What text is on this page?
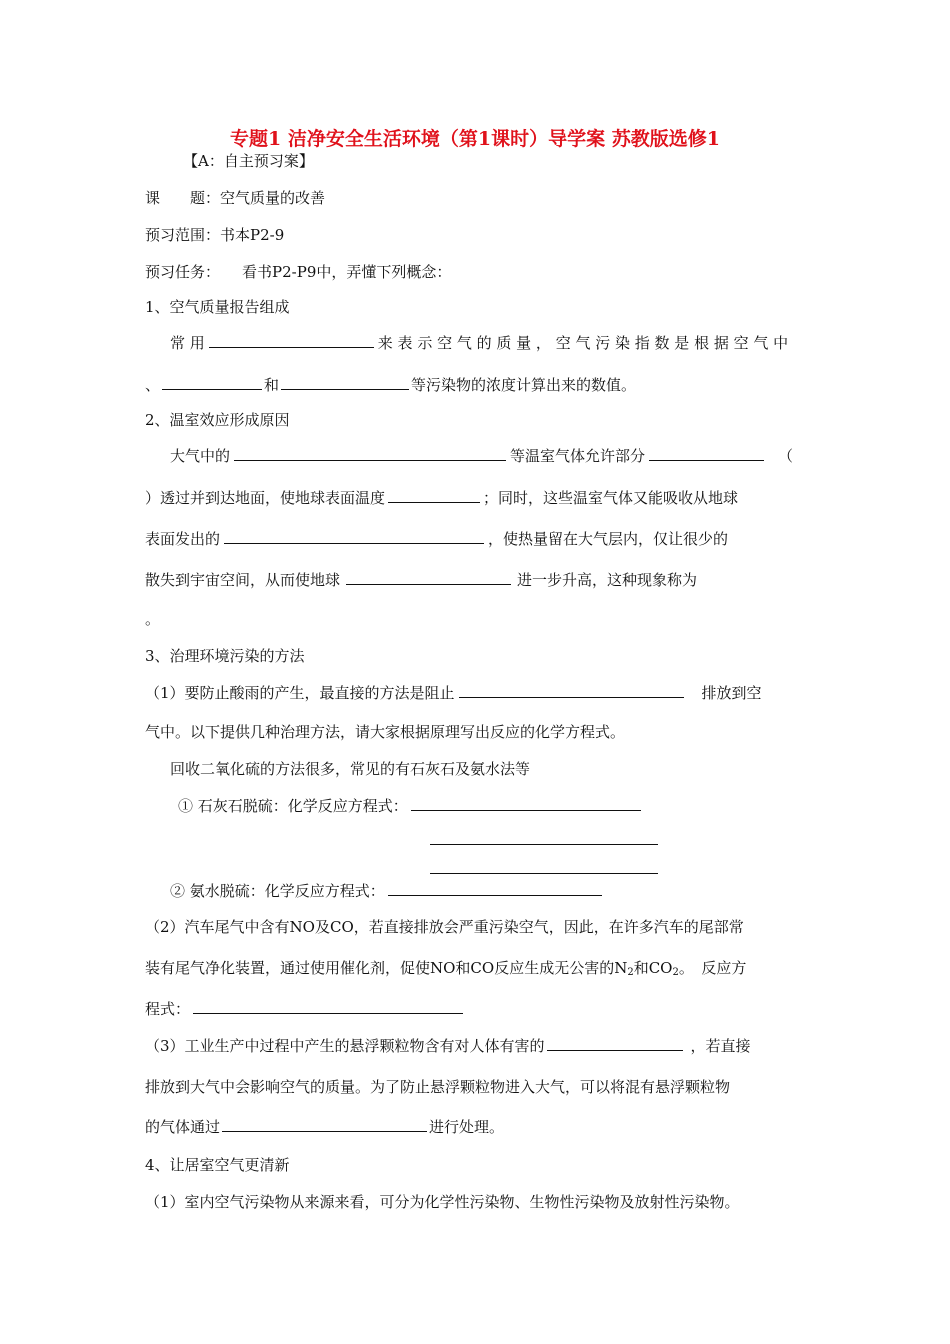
专题1 洁净安全生活环境（第1课时）导学案 苏教版选修1
【A：自主预习案】
课　　题：空气质量的改善
预习范围：书本P2-9
预习任务： 看书P2-P9中，弄懂下列概念：
1、空气质量报告组成
常 用	来 表 示 空 气 的 质 量 ， 空 气 污 染 指 数 是 根 据 空 气 中
、	和	等污染物的浓度计算出来的数值。
2、温室效应形成原因
大气中的	等温室气体允许部分	（
）透过并到达地面，使地球表面温度	；同时，这些温室气体又能吸收从地球
表面发出的	，使热量留在大气层内，仅让很少的
散失到宇宙空间，从而使地球	进一步升高，这种现象称为
。
3、治理环境污染的方法
（1）要防止酸雨的产生，最直接的方法是阻止	排放到空
气中。以下提供几种治理方法，请大家根据原理写出反应的化学方程式。
回收二氧化硫的方法很多，常见的有石灰石及氨水法等
① 石灰石脱硫：化学反应方程式：
② 氨水脱硫：化学反应方程式：
（2）汽车尾气中含有NO及CO，若直接排放会严重污染空气，因此，在许多汽车的尾部常
装有尾气净化装置，通过使用催化剂，促使NO和CO反应生成无公害的$N_2$和$CO_2$。　反应方
程式：
（3）工业生产中过程中产生的悬浮颗粒物含有对人体有害的	，若直接
排放到大气中会影响空气的质量。为了防止悬浮颗粒物进入大气，可以将混有悬浮颗粒物
的气体通过	进行处理。
4、让居室空气更清新
（1）室内空气污染物从来源来看，可分为化学性污染物、生物性污染物及放射性污染物。
